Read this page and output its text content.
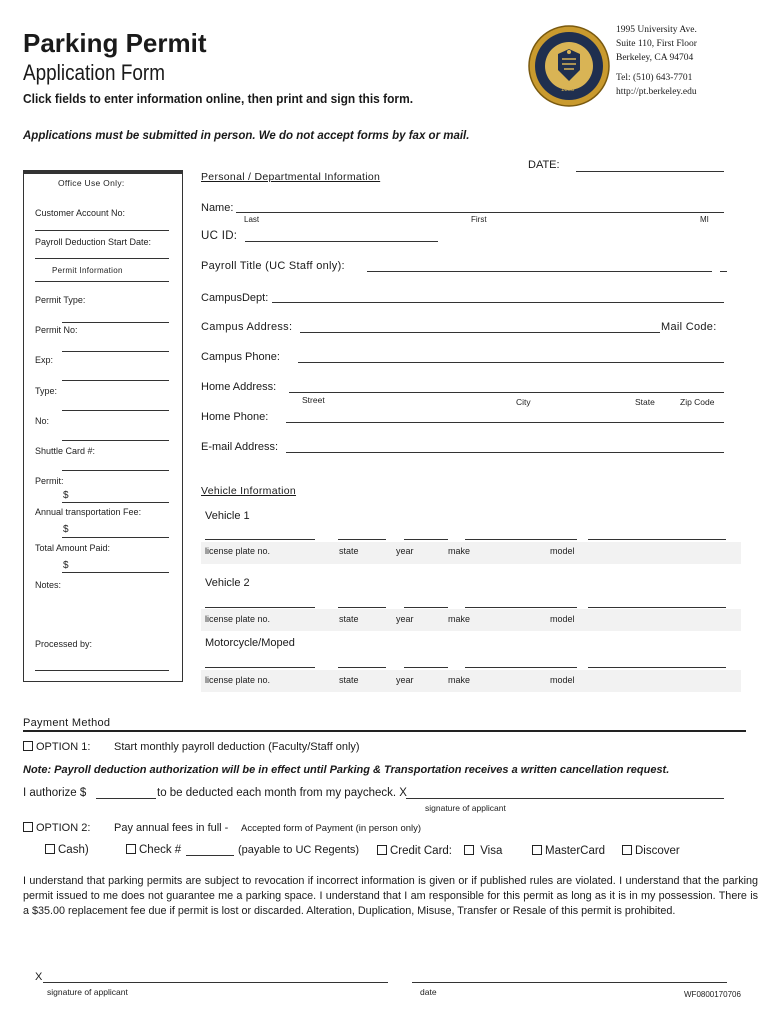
Parking Permit
Application Form
Click fields to enter information online, then print and sign this form.
1868
1995 University Ave.
Suite 110, First Floor
Berkeley, CA 94704
Tel: (510) 643-7701
http://pt.berkeley.edu
Applications must be submitted in person. We do not accept forms by fax or mail.
Office Use Only:
Customer Account No:
Payroll Deduction Start Date:
Permit Information
Permit Type:
Permit No:
Exp:
Type:
No:
Shuttle Card #:
Permit:
$
Annual transportation Fee:
$
Total Amount Paid:
$
Notes:
Processed by:
Personal / Departmental Information
DATE:
Name:
Last	First	MI
UC ID:
Payroll Title (UC Staff only):
CampusDept:
Campus Address:	Mail Code:
Campus Phone:
Home Address:
Street	City	State	Zip Code
Home Phone:
E-mail Address:
Vehicle Information
Vehicle 1
license plate no.	state	year	make	model
Vehicle 2
license plate no.	state	year	make	model
Motorcycle/Moped
license plate no.	state	year	make	model
Payment Method
OPTION 1: Start monthly payroll deduction (Faculty/Staff only)
Note: Payroll deduction authorization will be in effect until Parking & Transportation receives a written cancellation request.
I authorize $	to be deducted each month from my paycheck. X
signature of applicant
OPTION 2: Pay annual fees in full - Accepted form of Payment (in person only)
Cash)	Check #	(payable to UC Regents)	Credit Card:	Visa	MasterCard	Discover
I understand that parking permits are subject to revocation if incorrect information is given or if published rules are violated. I understand that the parking permit issued to me does not guarantee me a parking space. I understand that I am responsible for this permit as long as it is in my possession. There is a $35.00 replacement fee due if permit is lost or discarded. Alteration, Duplication, Misuse, Transfer or Resale of this permit is prohibited.
X
signature of applicant	date	WF0800170706
